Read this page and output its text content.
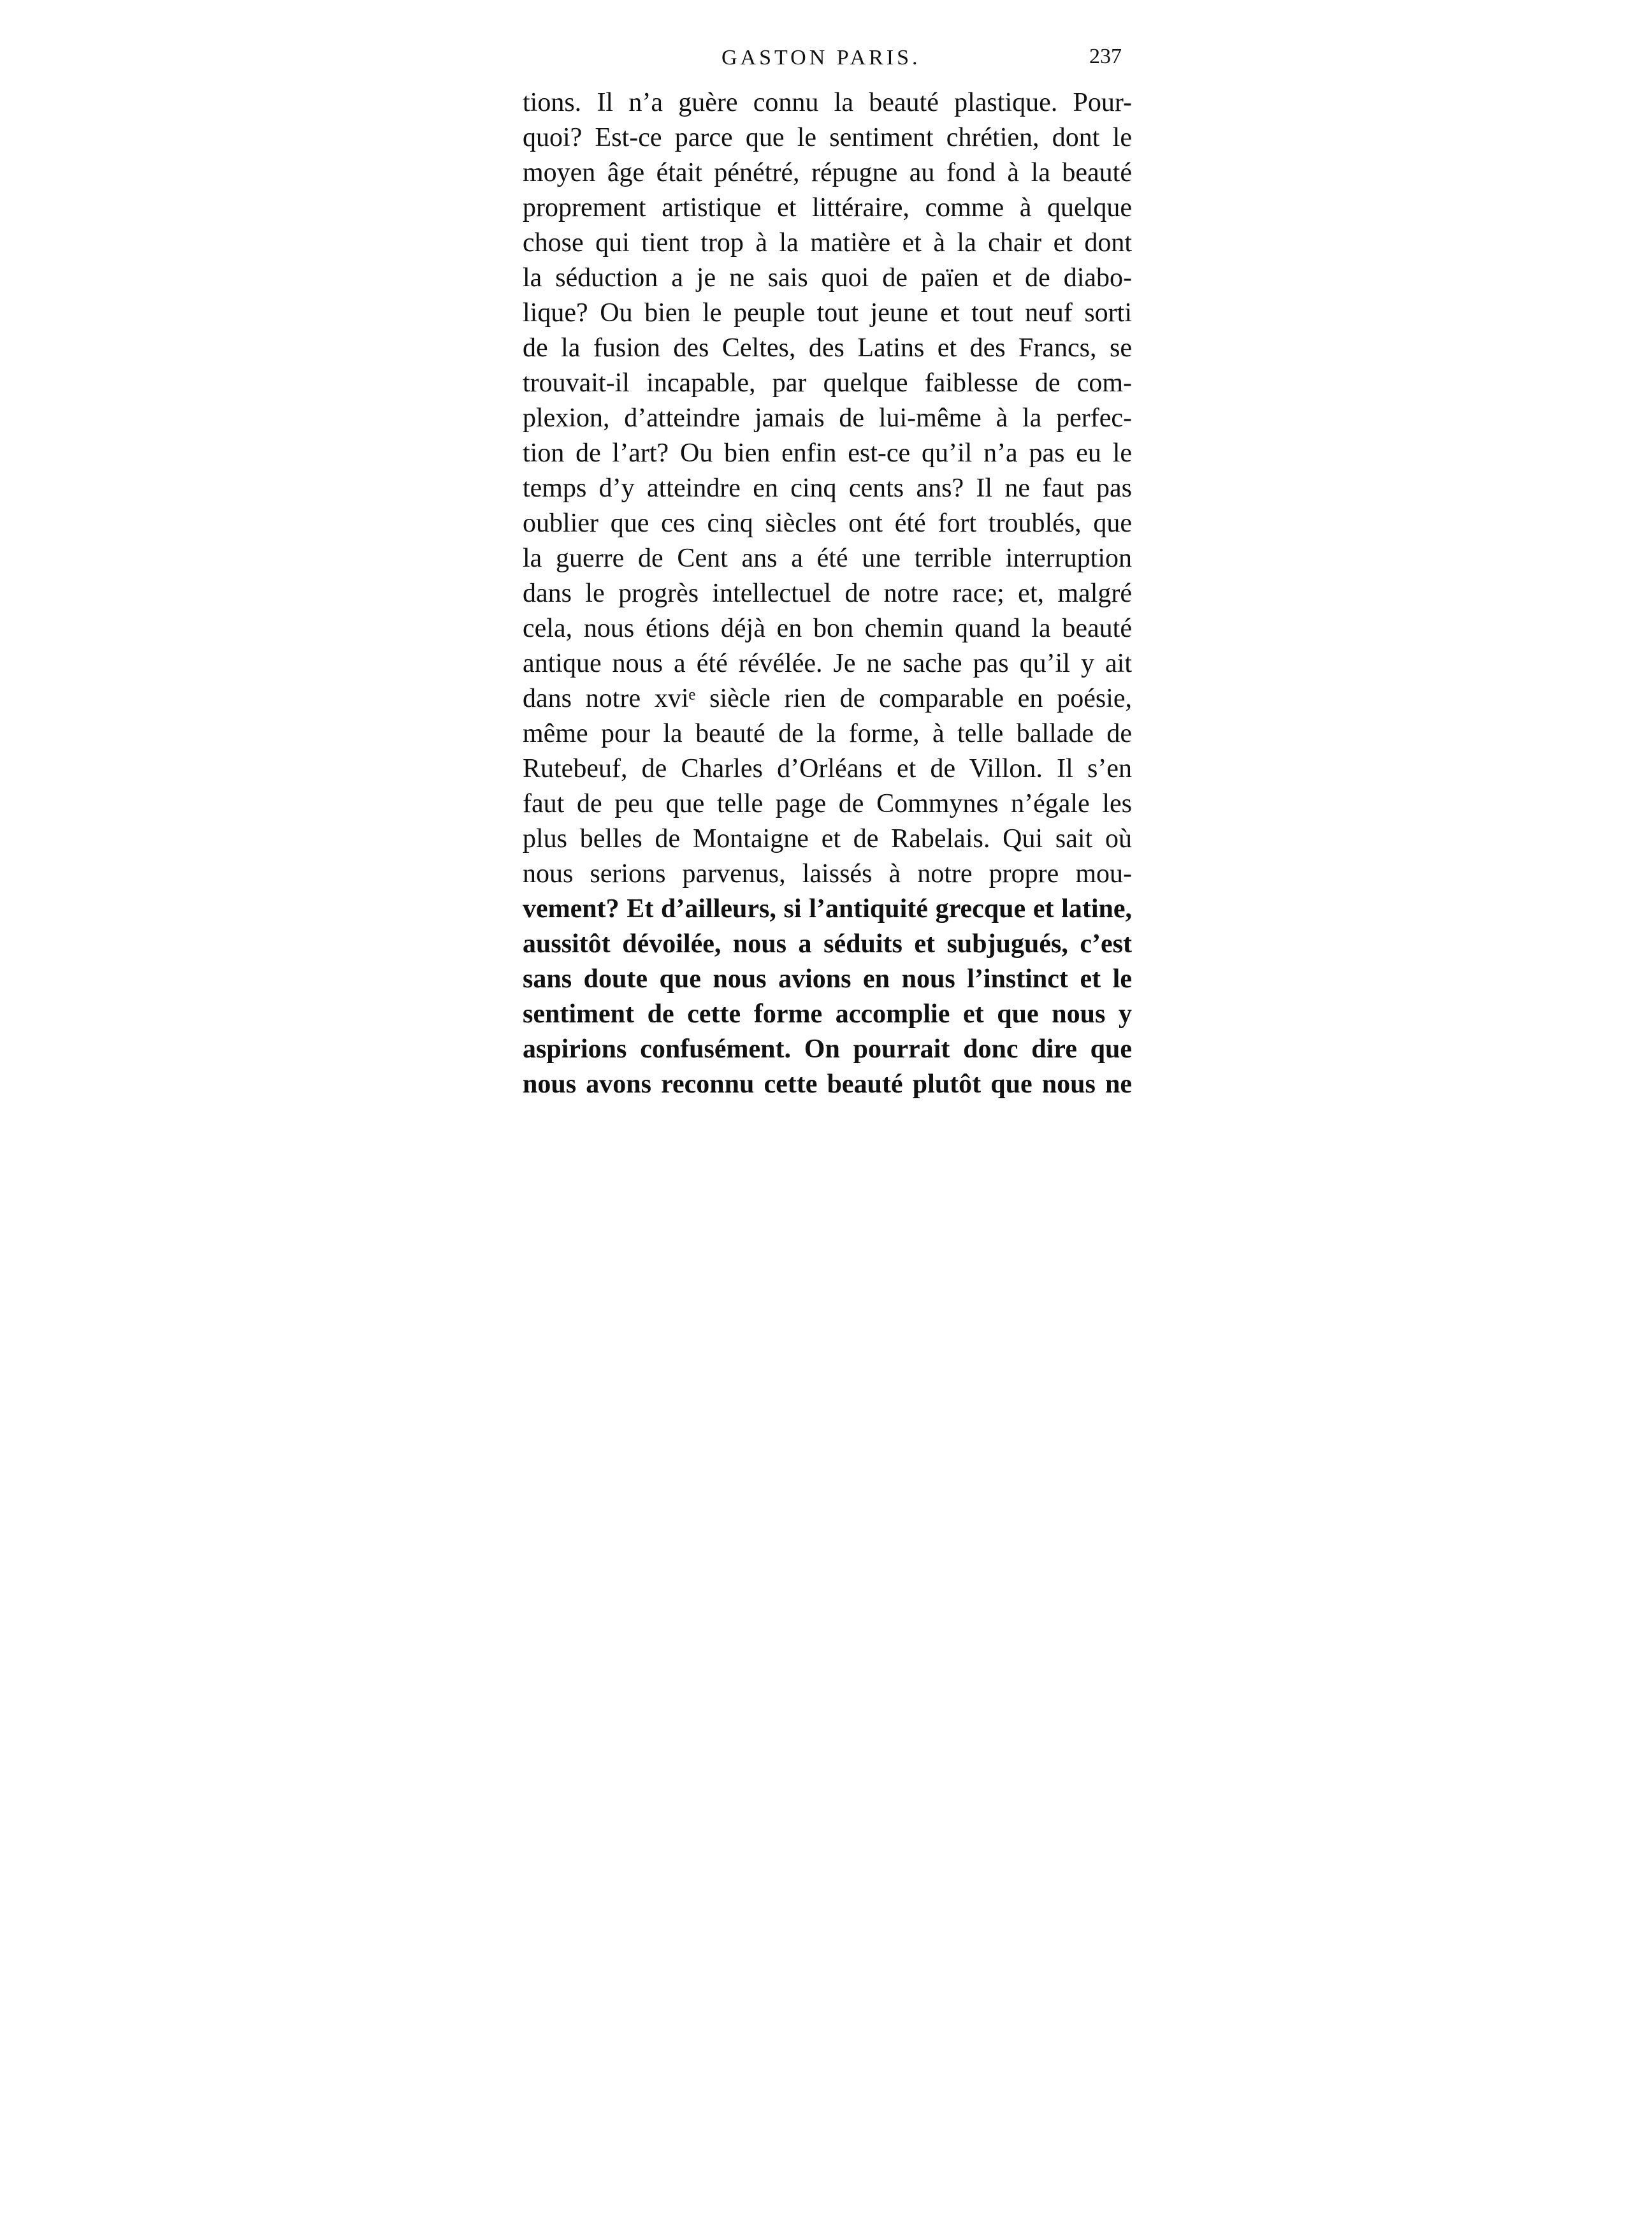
GASTON PARIS.	237
tions. Il n’a guère connu la beauté plastique. Pour-
quoi? Est-ce parce que le sentiment chrétien, dont le
moyen âge était pénétré, répugne au fond à la beauté
proprement artistique et littéraire, comme à quelque
chose qui tient trop à la matière et à la chair et dont
la séduction a je ne sais quoi de païen et de diabo-
lique? Ou bien le peuple tout jeune et tout neuf sorti
de la fusion des Celtes, des Latins et des Francs, se
trouvait-il incapable, par quelque faiblesse de com-
plexion, d’atteindre jamais de lui-même à la perfec-
tion de l’art? Ou bien enfin est-ce qu’il n’a pas eu le
temps d’y atteindre en cinq cents ans? Il ne faut pas
oublier que ces cinq siècles ont été fort troublés, que
la guerre de Cent ans a été une terrible interruption
dans le progrès intellectuel de notre race; et, malgré
cela, nous étions déjà en bon chemin quand la beauté
antique nous a été révélée. Je ne sache pas qu’il y ait
dans notre xviᵉ siècle rien de comparable en poésie,
même pour la beauté de la forme, à telle ballade de
Rutebeuf, de Charles d’Orléans et de Villon. Il s’en
faut de peu que telle page de Commynes n’égale les
plus belles de Montaigne et de Rabelais. Qui sait où
nous serions parvenus, laissés à notre propre mou-
vement? Et d’ailleurs, si l’antiquité grecque et latine,
aussitôt dévoilée, nous a séduits et subjugués, c’est
sans doute que nous avions en nous l’instinct et le
sentiment de cette forme accomplie et que nous y
aspirions confusément. On pourrait donc dire que
nous avons reconnu cette beauté plutôt que nous ne
